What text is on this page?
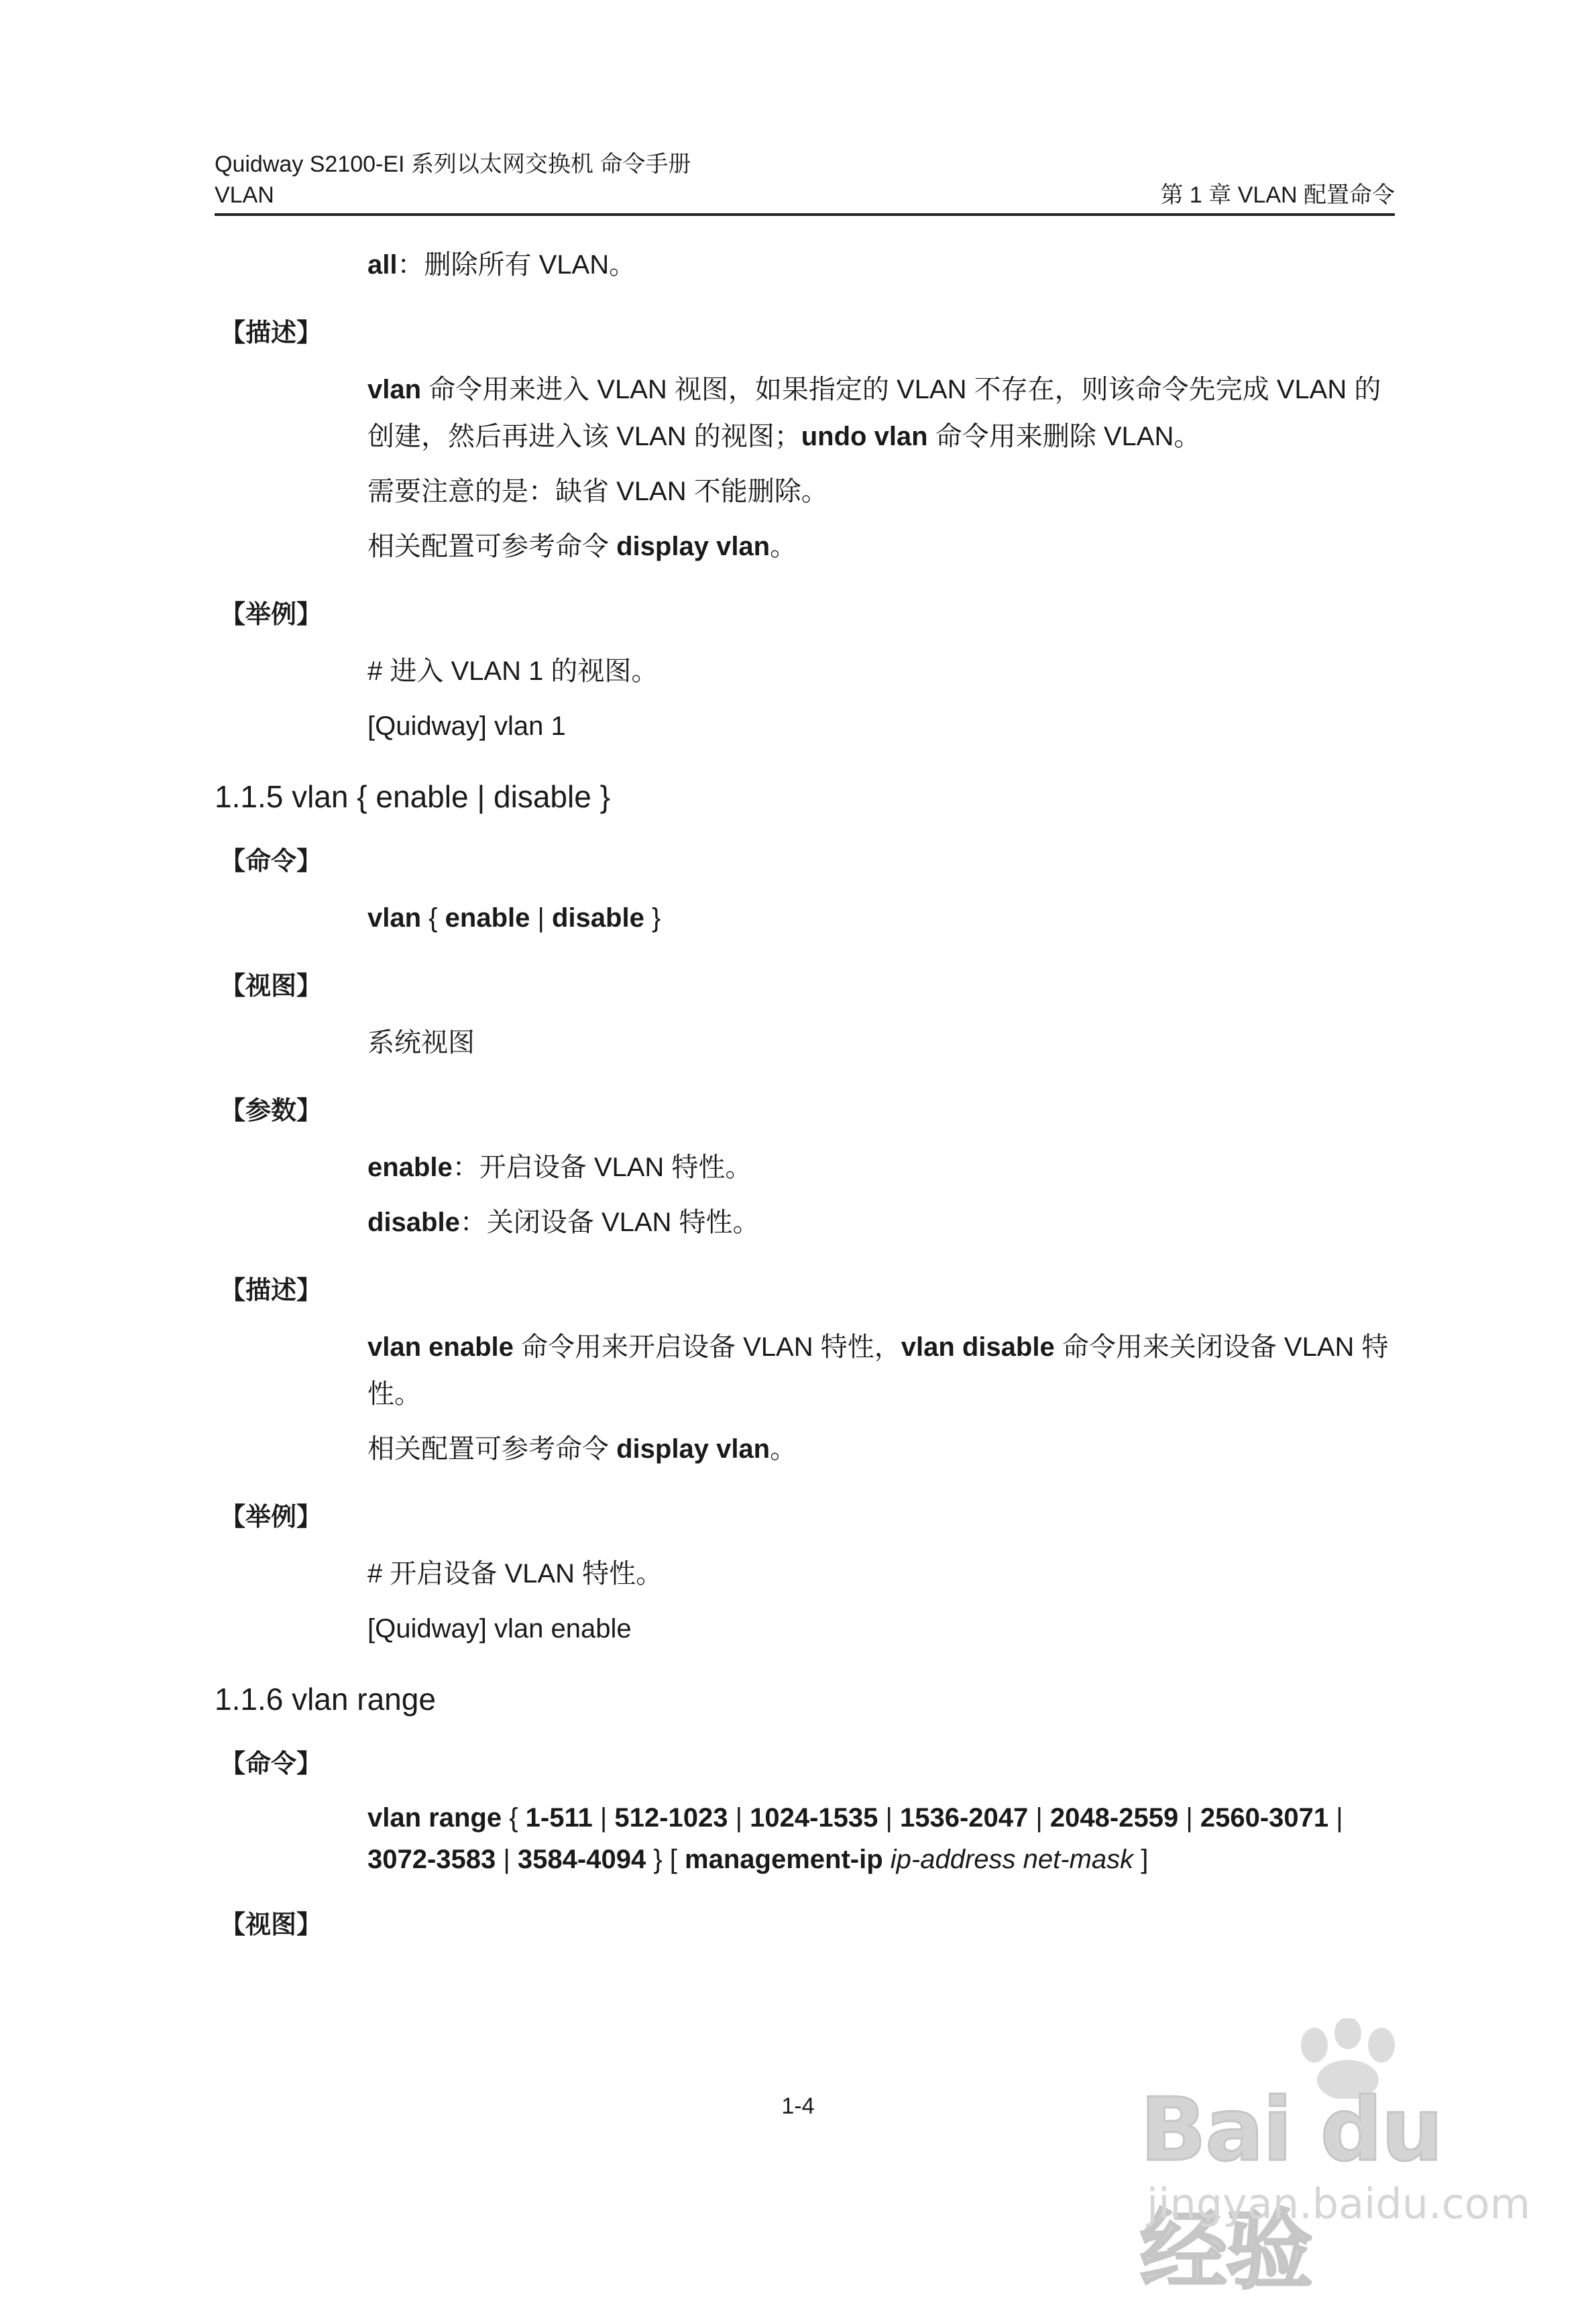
Quidway S2100-EI 系列以太网交换机 命令手册
VLAN	第 1 章 VLAN 配置命令
all：删除所有 VLAN。
【描述】
vlan 命令用来进入 VLAN 视图，如果指定的 VLAN 不存在，则该命令先完成 VLAN 的创建，然后再进入该 VLAN 的视图；undo vlan 命令用来删除 VLAN。
需要注意的是：缺省 VLAN 不能删除。
相关配置可参考命令 display vlan。
【举例】
# 进入 VLAN 1 的视图。
[Quidway] vlan 1
1.1.5 vlan { enable | disable }
【命令】
vlan { enable | disable }
【视图】
系统视图
【参数】
enable：开启设备 VLAN 特性。
disable：关闭设备 VLAN 特性。
【描述】
vlan enable 命令用来开启设备 VLAN 特性，vlan disable 命令用来关闭设备 VLAN 特性。
相关配置可参考命令 display vlan。
【举例】
# 开启设备 VLAN 特性。
[Quidway] vlan enable
1.1.6 vlan range
【命令】
vlan range { 1-511 | 512-1023 | 1024-1535 | 1536-2047 | 2048-2559 | 2560-3071 | 3072-3583 | 3584-4094 } [ management-ip ip-address net-mask ]
【视图】
1-4	Bai du 经验
jingyan.baidu.com
